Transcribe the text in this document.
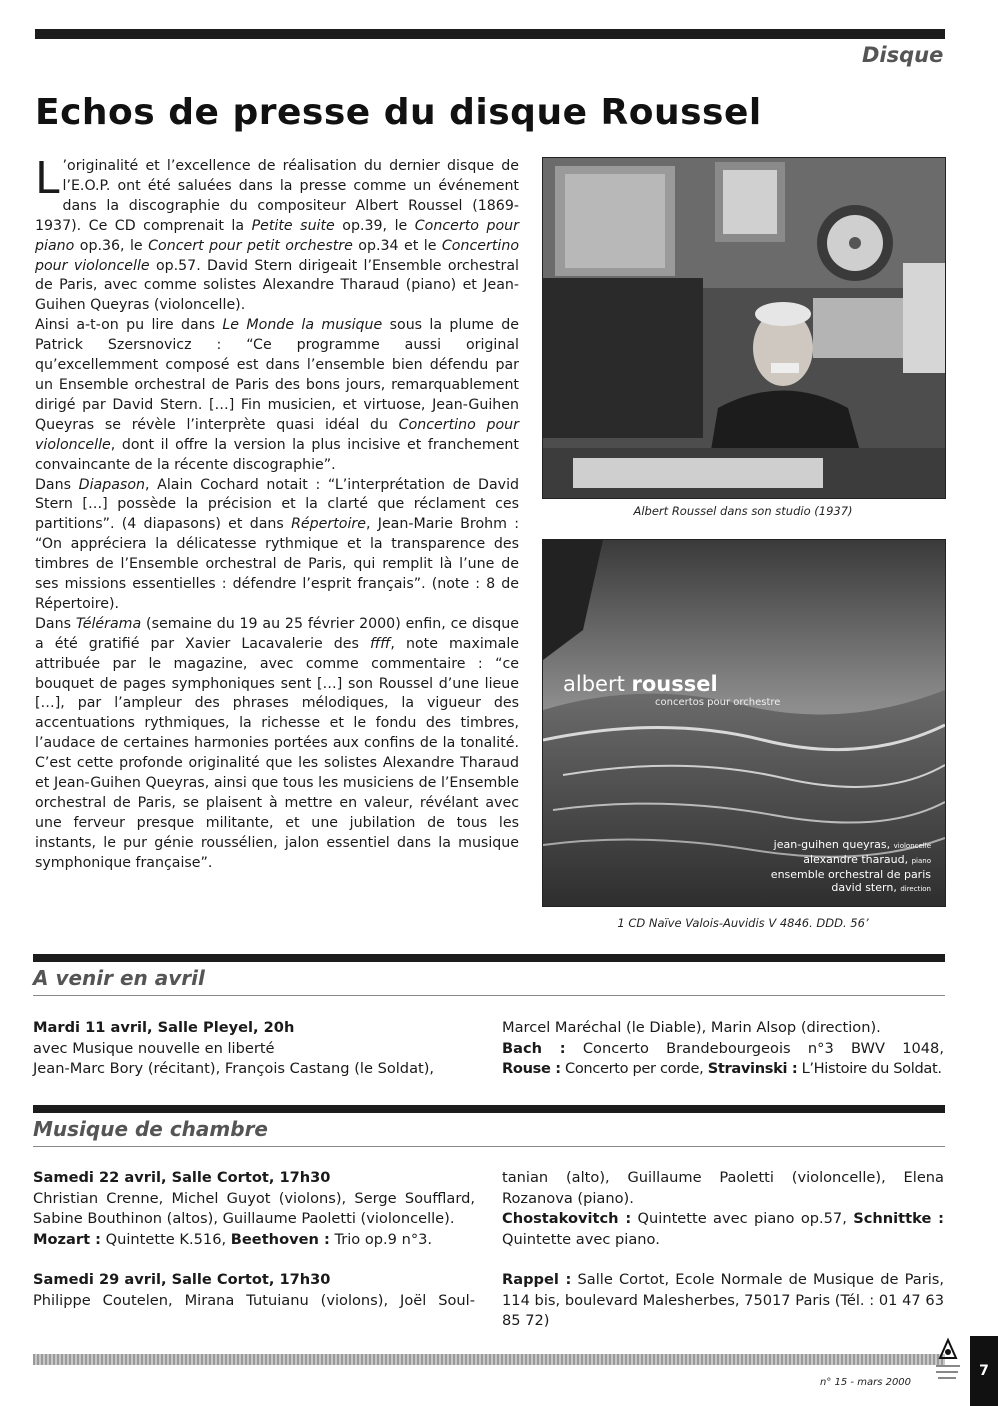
Disque
Echos de presse du disque Roussel

L ’originalité et l’excellence de réalisation du dernier disque de l’E.O.P. ont été saluées dans la presse comme un événement dans la discographie du compositeur Albert Roussel (1869-1937). Ce CD comprenait la Petite suite op.39, le Concerto pour piano op.36, le Concert pour petit orchestre op.34 et le Concertino pour violoncelle op.57. David Stern dirigeait l’Ensemble orchestral de Paris, avec comme solistes Alexandre Tharaud (piano) et Jean-Guihen Queyras (violoncelle).

Ainsi a-t-on pu lire dans Le Monde la musique sous la plume de Patrick Szersnovicz : “Ce programme aussi original qu’excellemment composé est dans l’ensemble bien défendu par un Ensemble orchestral de Paris des bons jours, remarquablement dirigé par David Stern. […] Fin musicien, et virtuose, Jean-Guihen Queyras se révèle l’interprète quasi idéal du Concertino pour violoncelle, dont il offre la version la plus incisive et franchement convaincante de la récente discographie”.

Dans Diapason, Alain Cochard notait : “L’interprétation de David Stern […] possède la précision et la clarté que réclament ces partitions”. (4 diapasons) et dans Répertoire, Jean-Marie Brohm : “On appréciera la délicatesse rythmique et la transparence des timbres de l’Ensemble orchestral de Paris, qui remplit là l’une de ses missions essentielles : défendre l’esprit français”. (note : 8 de Répertoire).

Dans Télérama (semaine du 19 au 25 février 2000) enfin, ce disque a été gratifié par Xavier Lacavalerie des ffff, note maximale attribuée par le magazine, avec comme commentaire : “ce bouquet de pages symphoniques sent […] son Roussel d’une lieue […], par l’ampleur des phrases mélodiques, la vigueur des accentuations rythmiques, la richesse et le fondu des timbres, l’audace de certaines harmonies portées aux confins de la tonalité. C’est cette profonde originalité que les solistes Alexandre Tharaud et Jean-Guihen Queyras, ainsi que tous les musiciens de l’Ensemble orchestral de Paris, se plaisent à mettre en valeur, révélant avec une ferveur presque militante, et une jubilation de tous les instants, le pur génie roussélien, jalon essentiel dans la musique symphonique française”.

Albert Roussel dans son studio (1937)
albert roussel
concertos pour orchestre
jean-guihen queyras, violoncelle
alexandre tharaud, piano
ensemble orchestral de paris
david stern, direction
1 CD Naïve Valois-Auvidis V 4846. DDD. 56’
A venir en avril

Mardi 11 avril, Salle Pleyel, 20h

avec Musique nouvelle en liberté

Jean-Marc Bory (récitant), François Castang (le Soldat),

Marcel Maréchal (le Diable), Marin Alsop (direction).

Bach : Concerto Brandebourgeois n°3 BWV 1048,

Rouse : Concerto per corde, Stravinski : L’Histoire du Soldat.

Musique de chambre

Samedi 22 avril, Salle Cortot, 17h30

Christian Crenne, Michel Guyot (violons), Serge Soufflard, Sabine Bouthinon (altos), Guillaume Paoletti (violoncelle).

Mozart : Quintette K.516, Beethoven : Trio op.9 n°3.

Samedi 29 avril, Salle Cortot, 17h30

Philippe Coutelen, Mirana Tutuianu (violons), Joël Soul-

tanian (alto), Guillaume Paoletti (violoncelle), Elena Rozanova (piano).

Chostakovitch : Quintette avec piano op.57, Schnittke : Quintette avec piano.

Rappel : Salle Cortot, Ecole Normale de Musique de Paris, 114 bis, boulevard Malesherbes, 75017 Paris (Tél. : 01 47 63 85 72)

n° 15 - mars 2000
7
